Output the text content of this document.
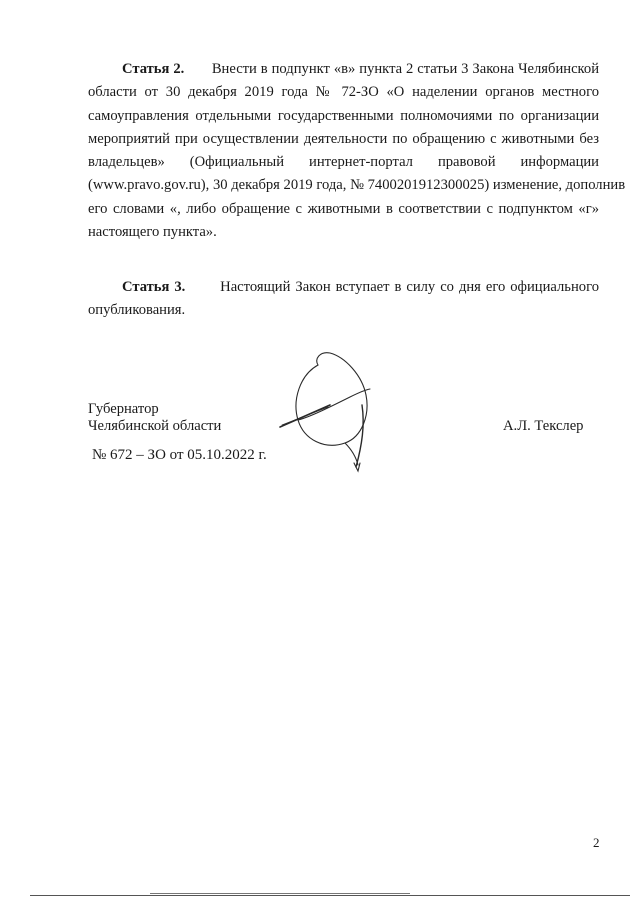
Статья 2. Внести в подпункт «в» пункта 2 статьи 3 Закона Челябинской
области от 30 декабря 2019 года № 72-ЗО «О наделении органов местного
самоуправления отдельными государственными полномочиями по организации
мероприятий при осуществлении деятельности по обращению с животными без
владельцев» (Официальный интернет-портал правовой информации
(www.pravo.gov.ru), 30 декабря 2019 года, № 7400201912300025) изменение, дополнив
его словами «, либо обращение с животными в соответствии с подпунктом «г»
настоящего пункта».
Статья 3. Настоящий Закон вступает в силу со дня его официального
опубликования.
Губернатор
Челябинской области	А.Л. Текслер
№ 672 – ЗО от 05.10.2022 г.
2
